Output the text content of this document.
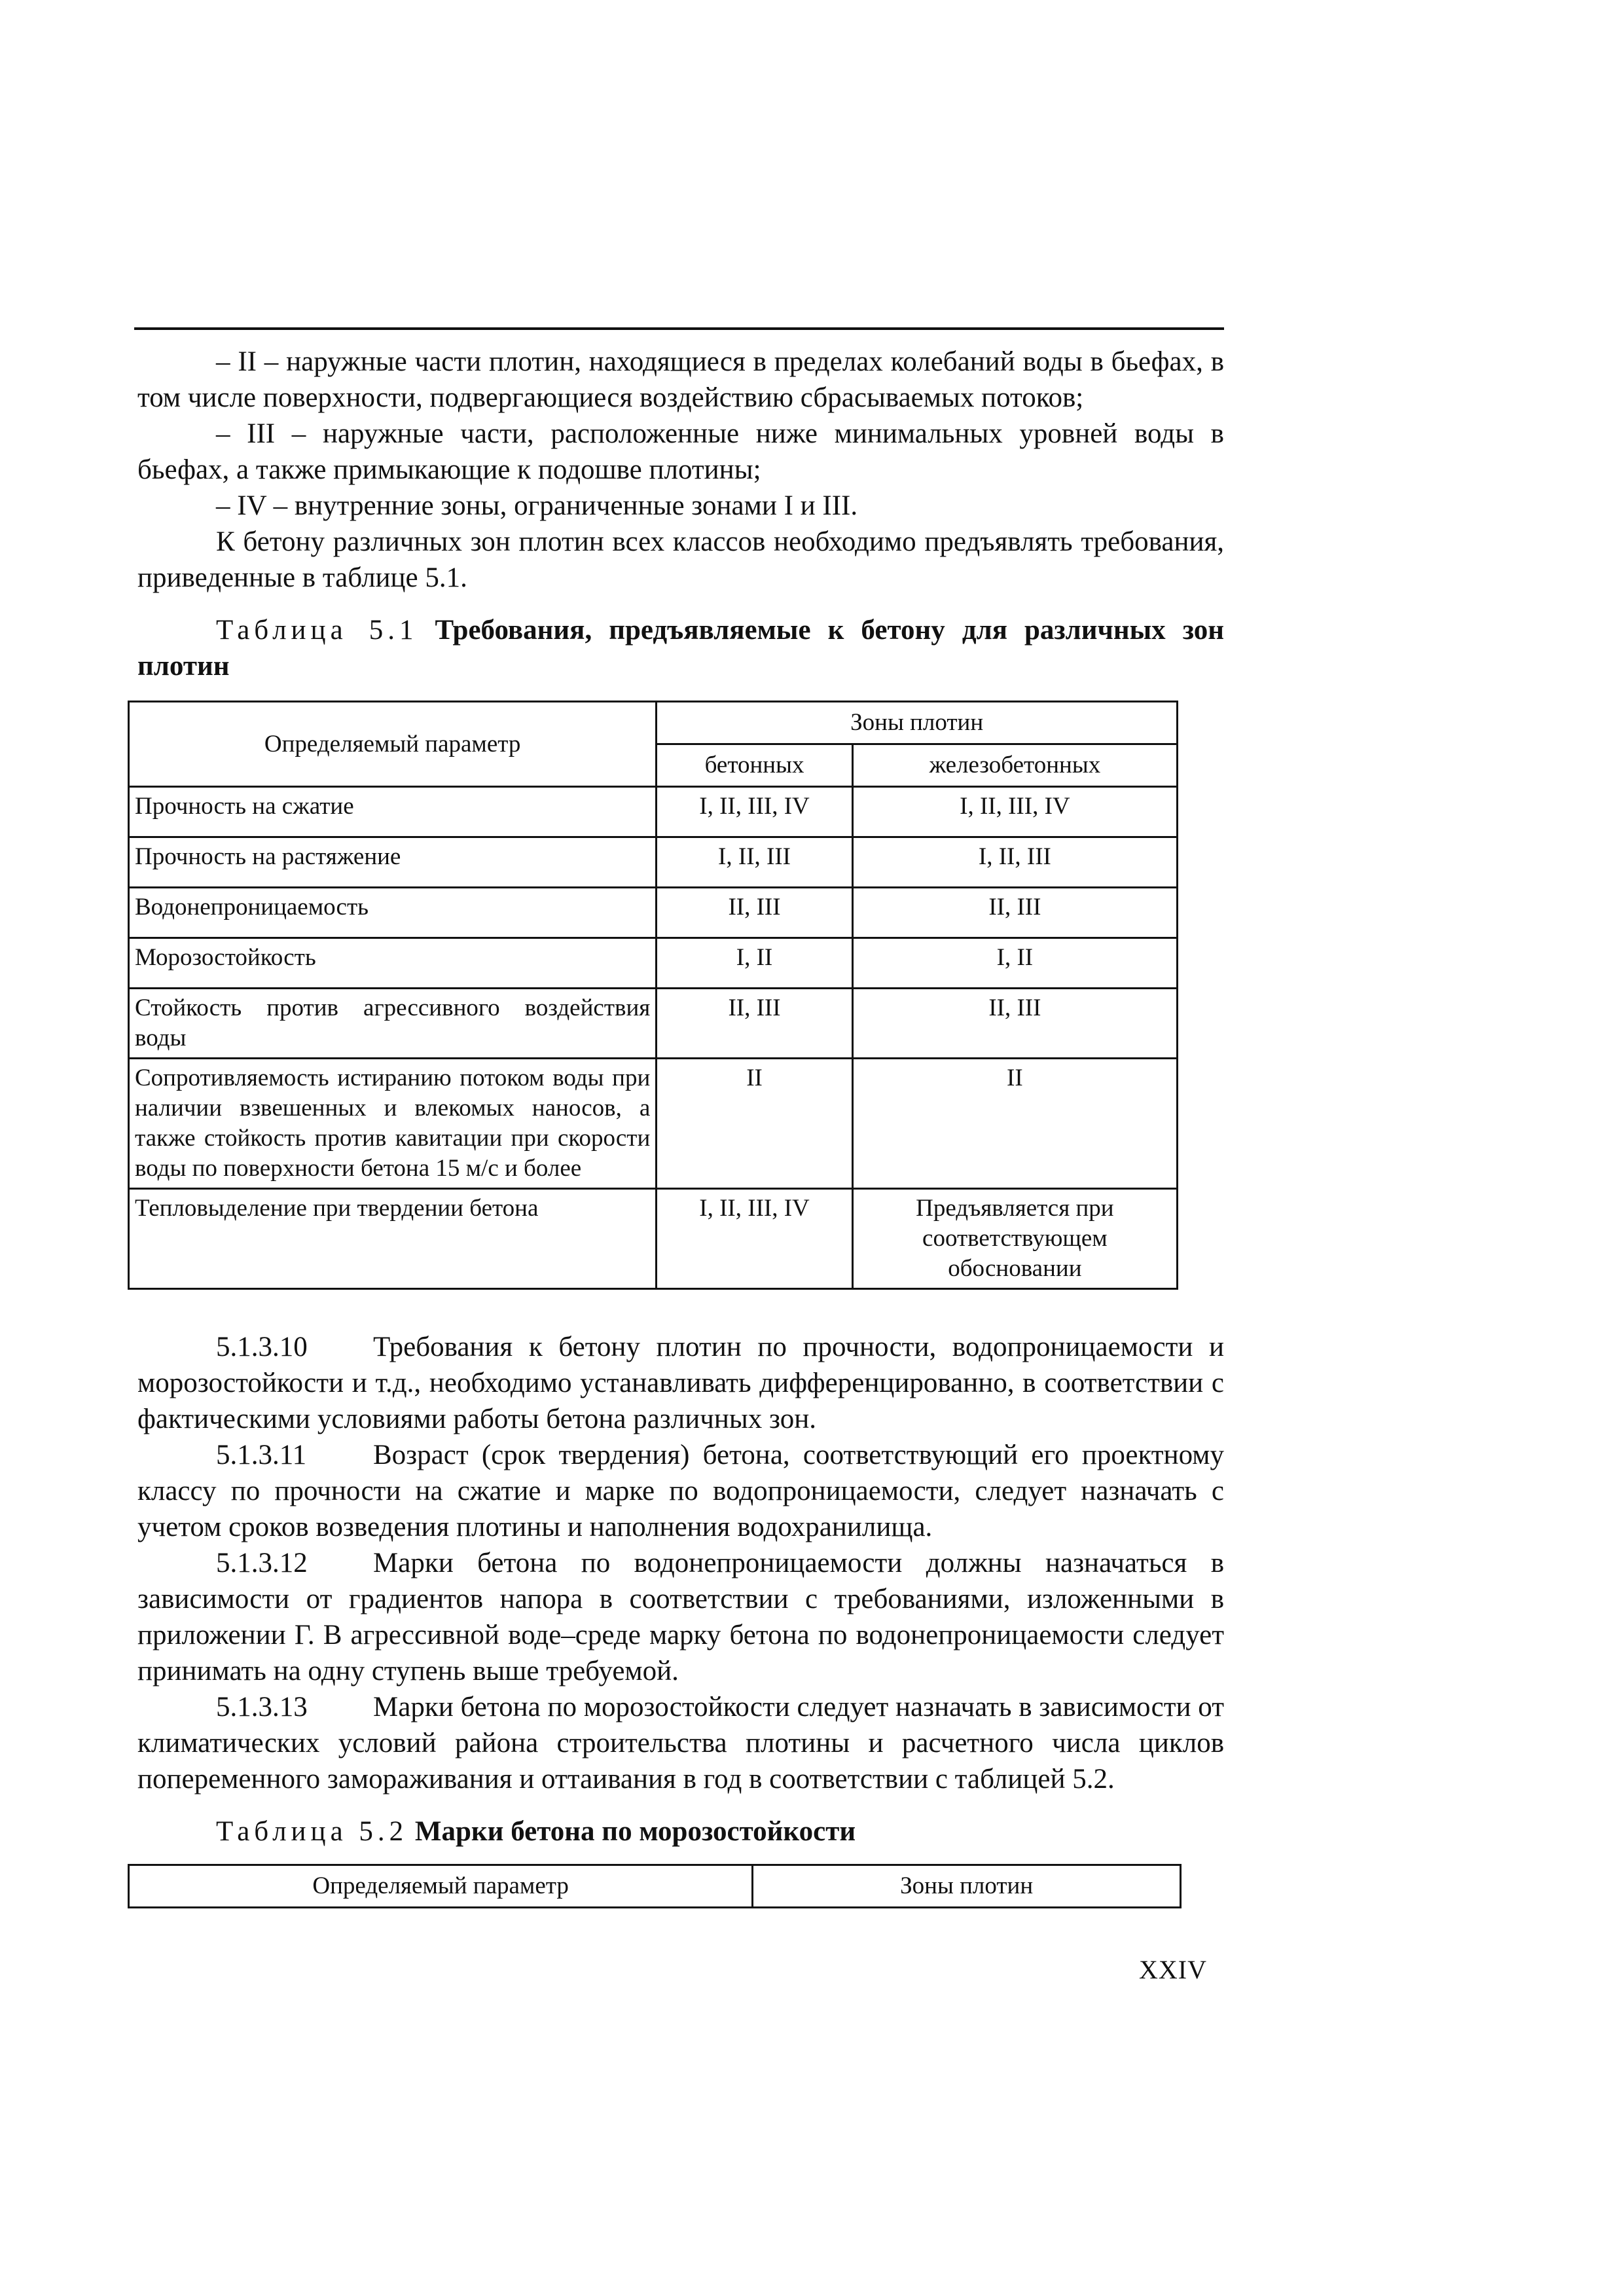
– II – наружные части плотин, находящиеся в пределах колебаний воды в бьефах, в том числе поверхности, подвергающиеся воздействию сбрасываемых потоков;

– III – наружные части, расположенные ниже минимальных уровней воды в бьефах, а также примыкающие к подошве плотины;

– IV – внутренние зоны, ограниченные зонами I и III.

К бетону различных зон плотин всех классов необходимо предъявлять требования, приведенные в таблице 5.1.

Таблица 5.1 Требования, предъявляемые к бетону для различных зон плотин

Определяемый параметр	Зоны плотин	
	бетонных	железобетонных
Прочность на сжатие	I, II, III, IV	I, II, III, IV
Прочность на растяжение	I, II, III	I, II, III
Водонепроницаемость	II, III	II, III
Морозостойкость	I, II	I, II
Стойкость против агрессивного воздействия воды	II, III	II, III
Сопротивляемость истиранию потоком воды при наличии взвешенных и влекомых наносов, а также стойкость против кавитации при скорости воды по поверхности бетона 15 м/с и более	II	II
Тепловыделение при твердении бетона	I, II, III, IV	Предъявляется при соответствующем обосновании

5.1.3.10 Требования к бетону плотин по прочности, водопроницаемости и морозостойкости и т.д., необходимо устанавливать дифференцированно, в соответствии с фактическими условиями работы бетона различных зон.

5.1.3.11 Возраст (срок твердения) бетона, соответствующий его проектному классу по прочности на сжатие и марке по водопроницаемости, следует назначать с учетом сроков возведения плотины и наполнения водохранилища.

5.1.3.12 Марки бетона по водонепроницаемости должны назначаться в зависимости от градиентов напора в соответствии с требованиями, изложенными в приложении Г. В агрессивной воде–среде марку бетона по водонепроницаемости следует принимать на одну ступень выше требуемой.

5.1.3.13 Марки бетона по морозостойкости следует назначать в зависимости от климатических условий района строительства плотины и расчетного числа циклов попеременного замораживания и оттаивания в год в соответствии с таблицей 5.2.

Таблица 5.2 Марки бетона по морозостойкости

Определяемый параметр	Зоны плотин
XXIV
